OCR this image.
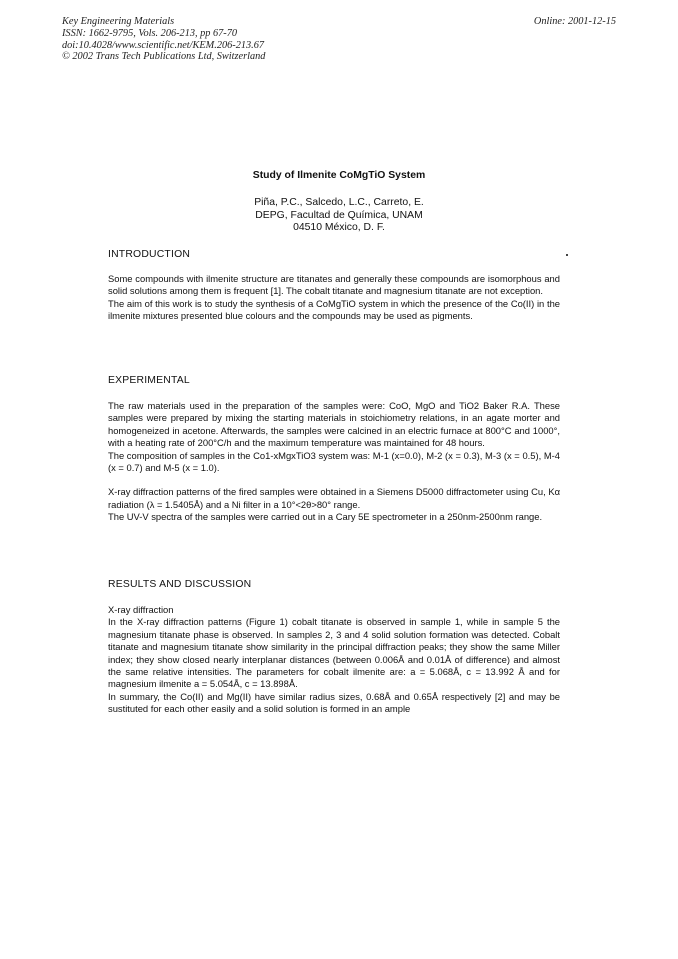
Key Engineering Materials
ISSN: 1662-9795, Vols. 206-213, pp 67-70
doi:10.4028/www.scientific.net/KEM.206-213.67
© 2002 Trans Tech Publications Ltd, Switzerland
Online: 2001-12-15
Study of Ilmenite CoMgTiO System
Piña, P.C., Salcedo, L.C., Carreto, E.
DEPG, Facultad de Química, UNAM
04510 México, D. F.
INTRODUCTION

Some compounds with ilmenite structure are titanates and generally these compounds are isomorphous and solid solutions among them is frequent [1]. The cobalt titanate and magnesium titanate are not exception.

The aim of this work is to study the synthesis of a CoMgTiO system in which the presence of the Co(II) in the ilmenite mixtures presented blue colours and the compounds may be used as pigments.

EXPERIMENTAL

The raw materials used in the preparation of the samples were: CoO, MgO and TiO2 Baker R.A. These samples were prepared by mixing the starting materials in stoichiometry relations, in an agate morter and homogeneized in acetone. Afterwards, the samples were calcined in an electric furnace at 800°C and 1000°, with a heating rate of 200°C/h and the maximum temperature was maintained for 48 hours.

The composition of samples in the Co1-xMgxTiO3 system was: M-1 (x=0.0), M-2 (x = 0.3), M-3 (x = 0.5), M-4 (x = 0.7) and M-5 (x = 1.0).

X-ray diffraction patterns of the fired samples were obtained in a Siemens D5000 diffractometer using Cu, Kα radiation (λ = 1.5405Å) and a Ni filter in a 10°<2θ>80° range.

The UV-V spectra of the samples were carried out in a Cary 5E spectrometer in a 250nm-2500nm range.

RESULTS AND DISCUSSION

X-ray diffraction

In the X-ray diffraction patterns (Figure 1) cobalt titanate is observed in sample 1, while in sample 5 the magnesium titanate phase is observed. In samples 2, 3 and 4 solid solution formation was detected. Cobalt titanate and magnesium titanate show similarity in the principal diffraction peaks; they show the same Miller index; they show closed nearly interplanar distances (between 0.006Å and 0.01Å of difference) and almost the same relative intensities. The parameters for cobalt ilmenite are: a = 5.068Å, c = 13.992 Å and for magnesium ilmenite a = 5.054Å, c = 13.898Å.

In summary, the Co(II) and Mg(II) have similar radius sizes, 0.68Å and 0.65Å respectively [2] and may be sustituted for each other easily and a solid solution is formed in an ample
